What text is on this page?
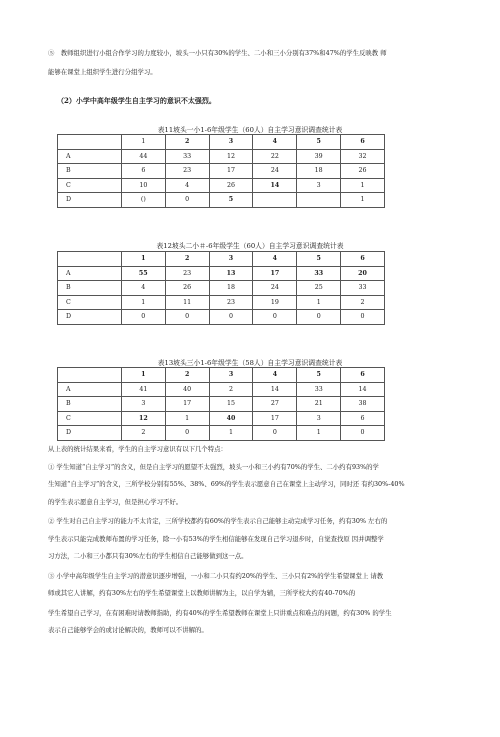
⑤　教师组织进行小组合作学习的力度较小，坡头一小只有30%的学生、二小和三小分别有37%和47%的学生反映教 师
能够在课堂上组织学生进行分组学习。
（2）小学中高年级学生自主学习的意识不太强烈。
表11坡头一小1-6年级学生（60人）自主学习意识调查统计表
	1	2	3	4	5	6
A	44	33	12	22	39	32
B	6	23	17	24	18	26
C	10	4	26	14	3	1
D	()	0	5			1
表12坡头二小＃-6年级学生（60人）自主学习意识调查统计表
	1	2	3	4	5	6
A	55	23	13	17	33	20
B	4	26	18	24	25	33
C	1	11	23	19	1	2
D	0	0	0	0	0	0
表13坡头三小1-6年级学生（58人）自主学习意识调查统计表
	1	2	3	4	5	6
A	41	40	2	14	33	14
B	3	17	15	27	21	38
C	12	1	40	17	3	6
D	2	0	1	0	1	0
从上表的统计结果来看，学生的自主学习意识有以下几个特点：
① 学生知道“自主学习”的含义，但是自主学习的愿望不太强烈，坡头一小和三小约有70%的学生、二小约有93%的学
生知道“自主学习”的含义，三所学校分别有55%、38%、69%的学生表示愿意自己在课堂上主动学习，同时还 有约30%-40%
的学生表示愿意自主学习，但是担心学习不好。
② 学生对自己自主学习的能力不太肯定，三所学校都约有60%的学生表示自己能够主动完成学习任务，约有30% 左右的
学生表示只能完成教师布置的学习任务，除一小有53%的学生相信能够在发现自己学习退步时，自觉查找原 因并调整学
习方法，二小和三小都只有30%左右的学生相信自己能够做到这一点。
③ 小学中高年级学生自主学习的潜意识逐步增强，一小和二小只有约20%的学生、三小只有2%的学生希望课堂上 请教
师或其它人讲解，约有30%左右的学生希望课堂上以教师讲解为主，以自学为辅，三所学校大约有40-70%的
学生希望自己学习，在有困难时请教师指助，约有40%的学生希望教师在课堂上只讲重点和难点的问题，约有30% 的学生
表示自己能够学会的或讨论解决的，教师可以不讲解的。
